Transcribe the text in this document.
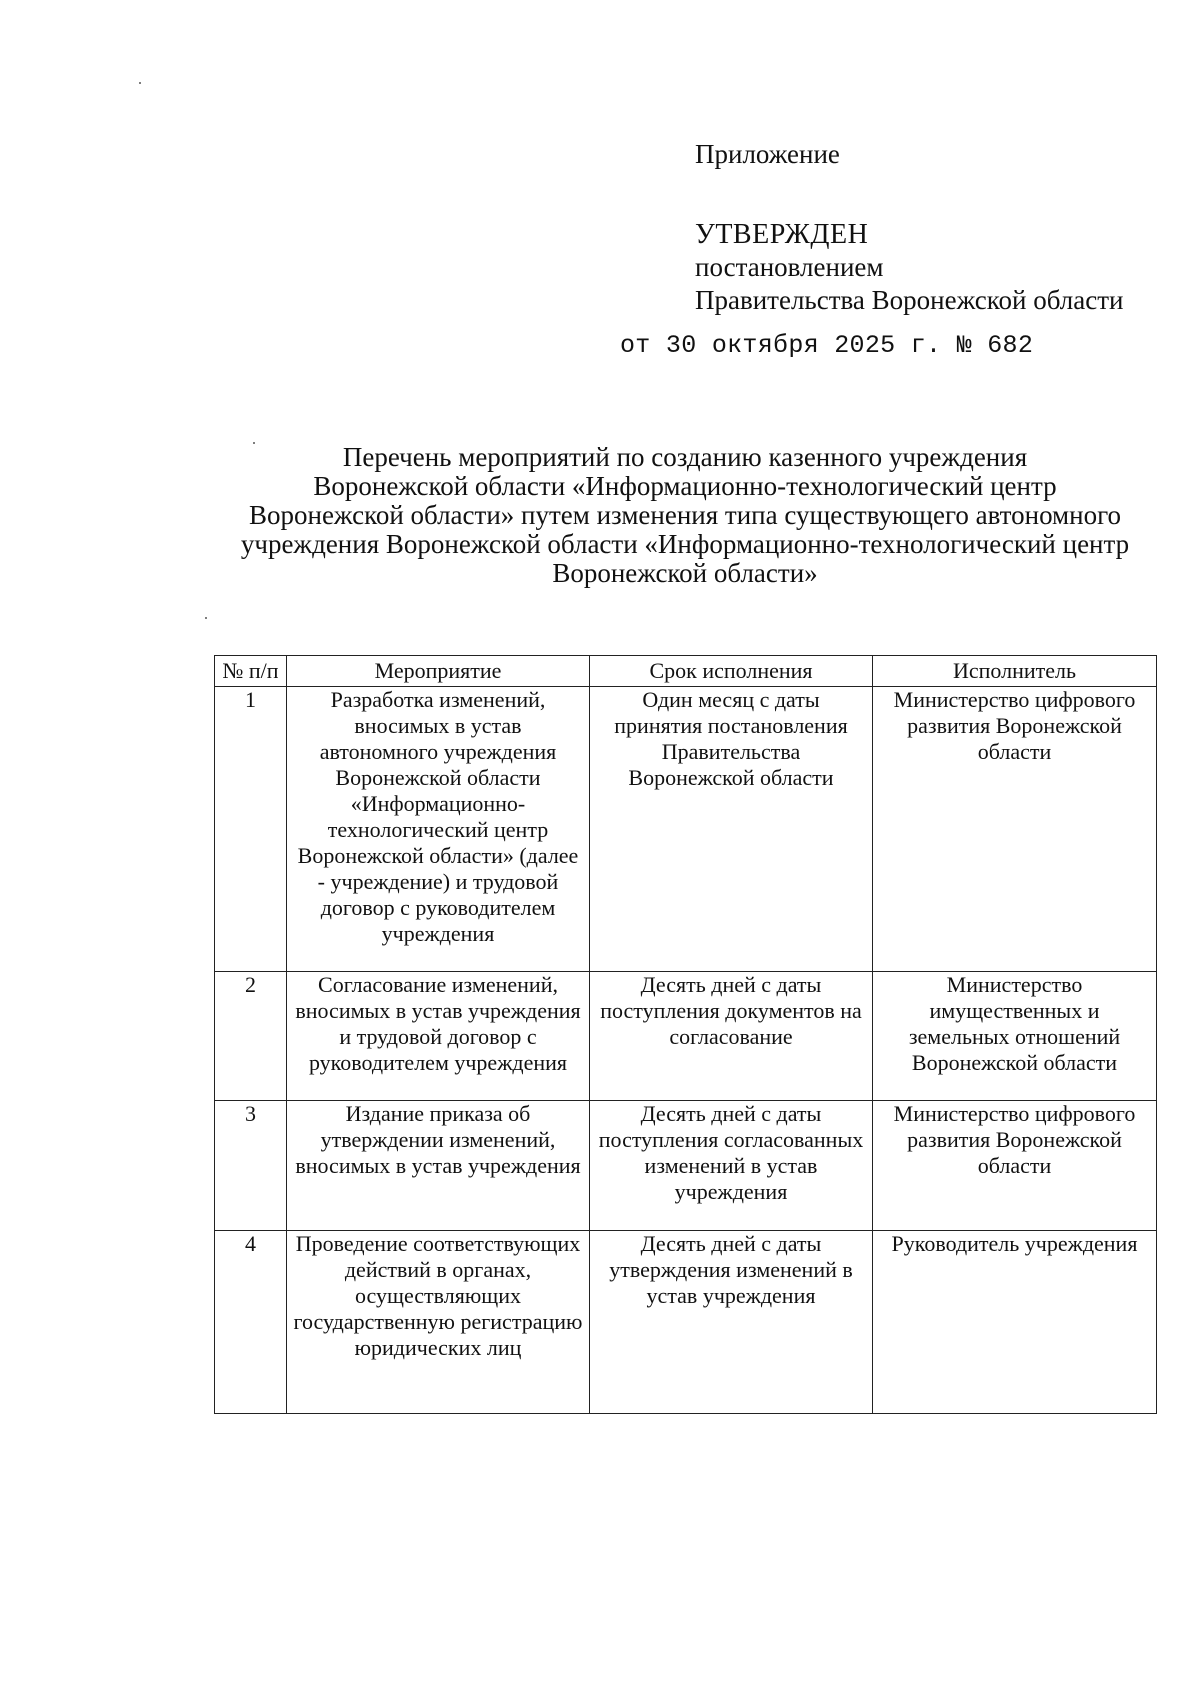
Приложение
УТВЕРЖДЕН
постановлением
Правительства Воронежской области
от 30 октября 2025 г. № 682
Перечень мероприятий по созданию казенного учреждения
Воронежской области «Информационно-технологический центр
Воронежской области» путем изменения типа существующего автономного
учреждения Воронежской области «Информационно-технологический центр
Воронежской области»
№ п/п	Мероприятие	Срок исполнения	Исполнитель
1	Разработка изменений, вносимых в устав автономного учреждения Воронежской области «Информационно-технологический центр Воронежской области» (далее - учреждение) и трудовой договор с руководителем учреждения	Один месяц с даты принятия постановления Правительства Воронежской области	Министерство цифрового развития Воронежской области
2	Согласование изменений, вносимых в устав учреждения и трудовой договор с руководителем учреждения	Десять дней с даты поступления документов на согласование	Министерство имущественных и земельных отношений Воронежской области
3	Издание приказа об утверждении изменений, вносимых в устав учреждения	Десять дней с даты поступления согласованных изменений в устав учреждения	Министерство цифрового развития Воронежской области
4	Проведение соответствующих действий в органах, осуществляющих государственную регистрацию юридических лиц	Десять дней с даты утверждения изменений в устав учреждения	Руководитель учреждения
